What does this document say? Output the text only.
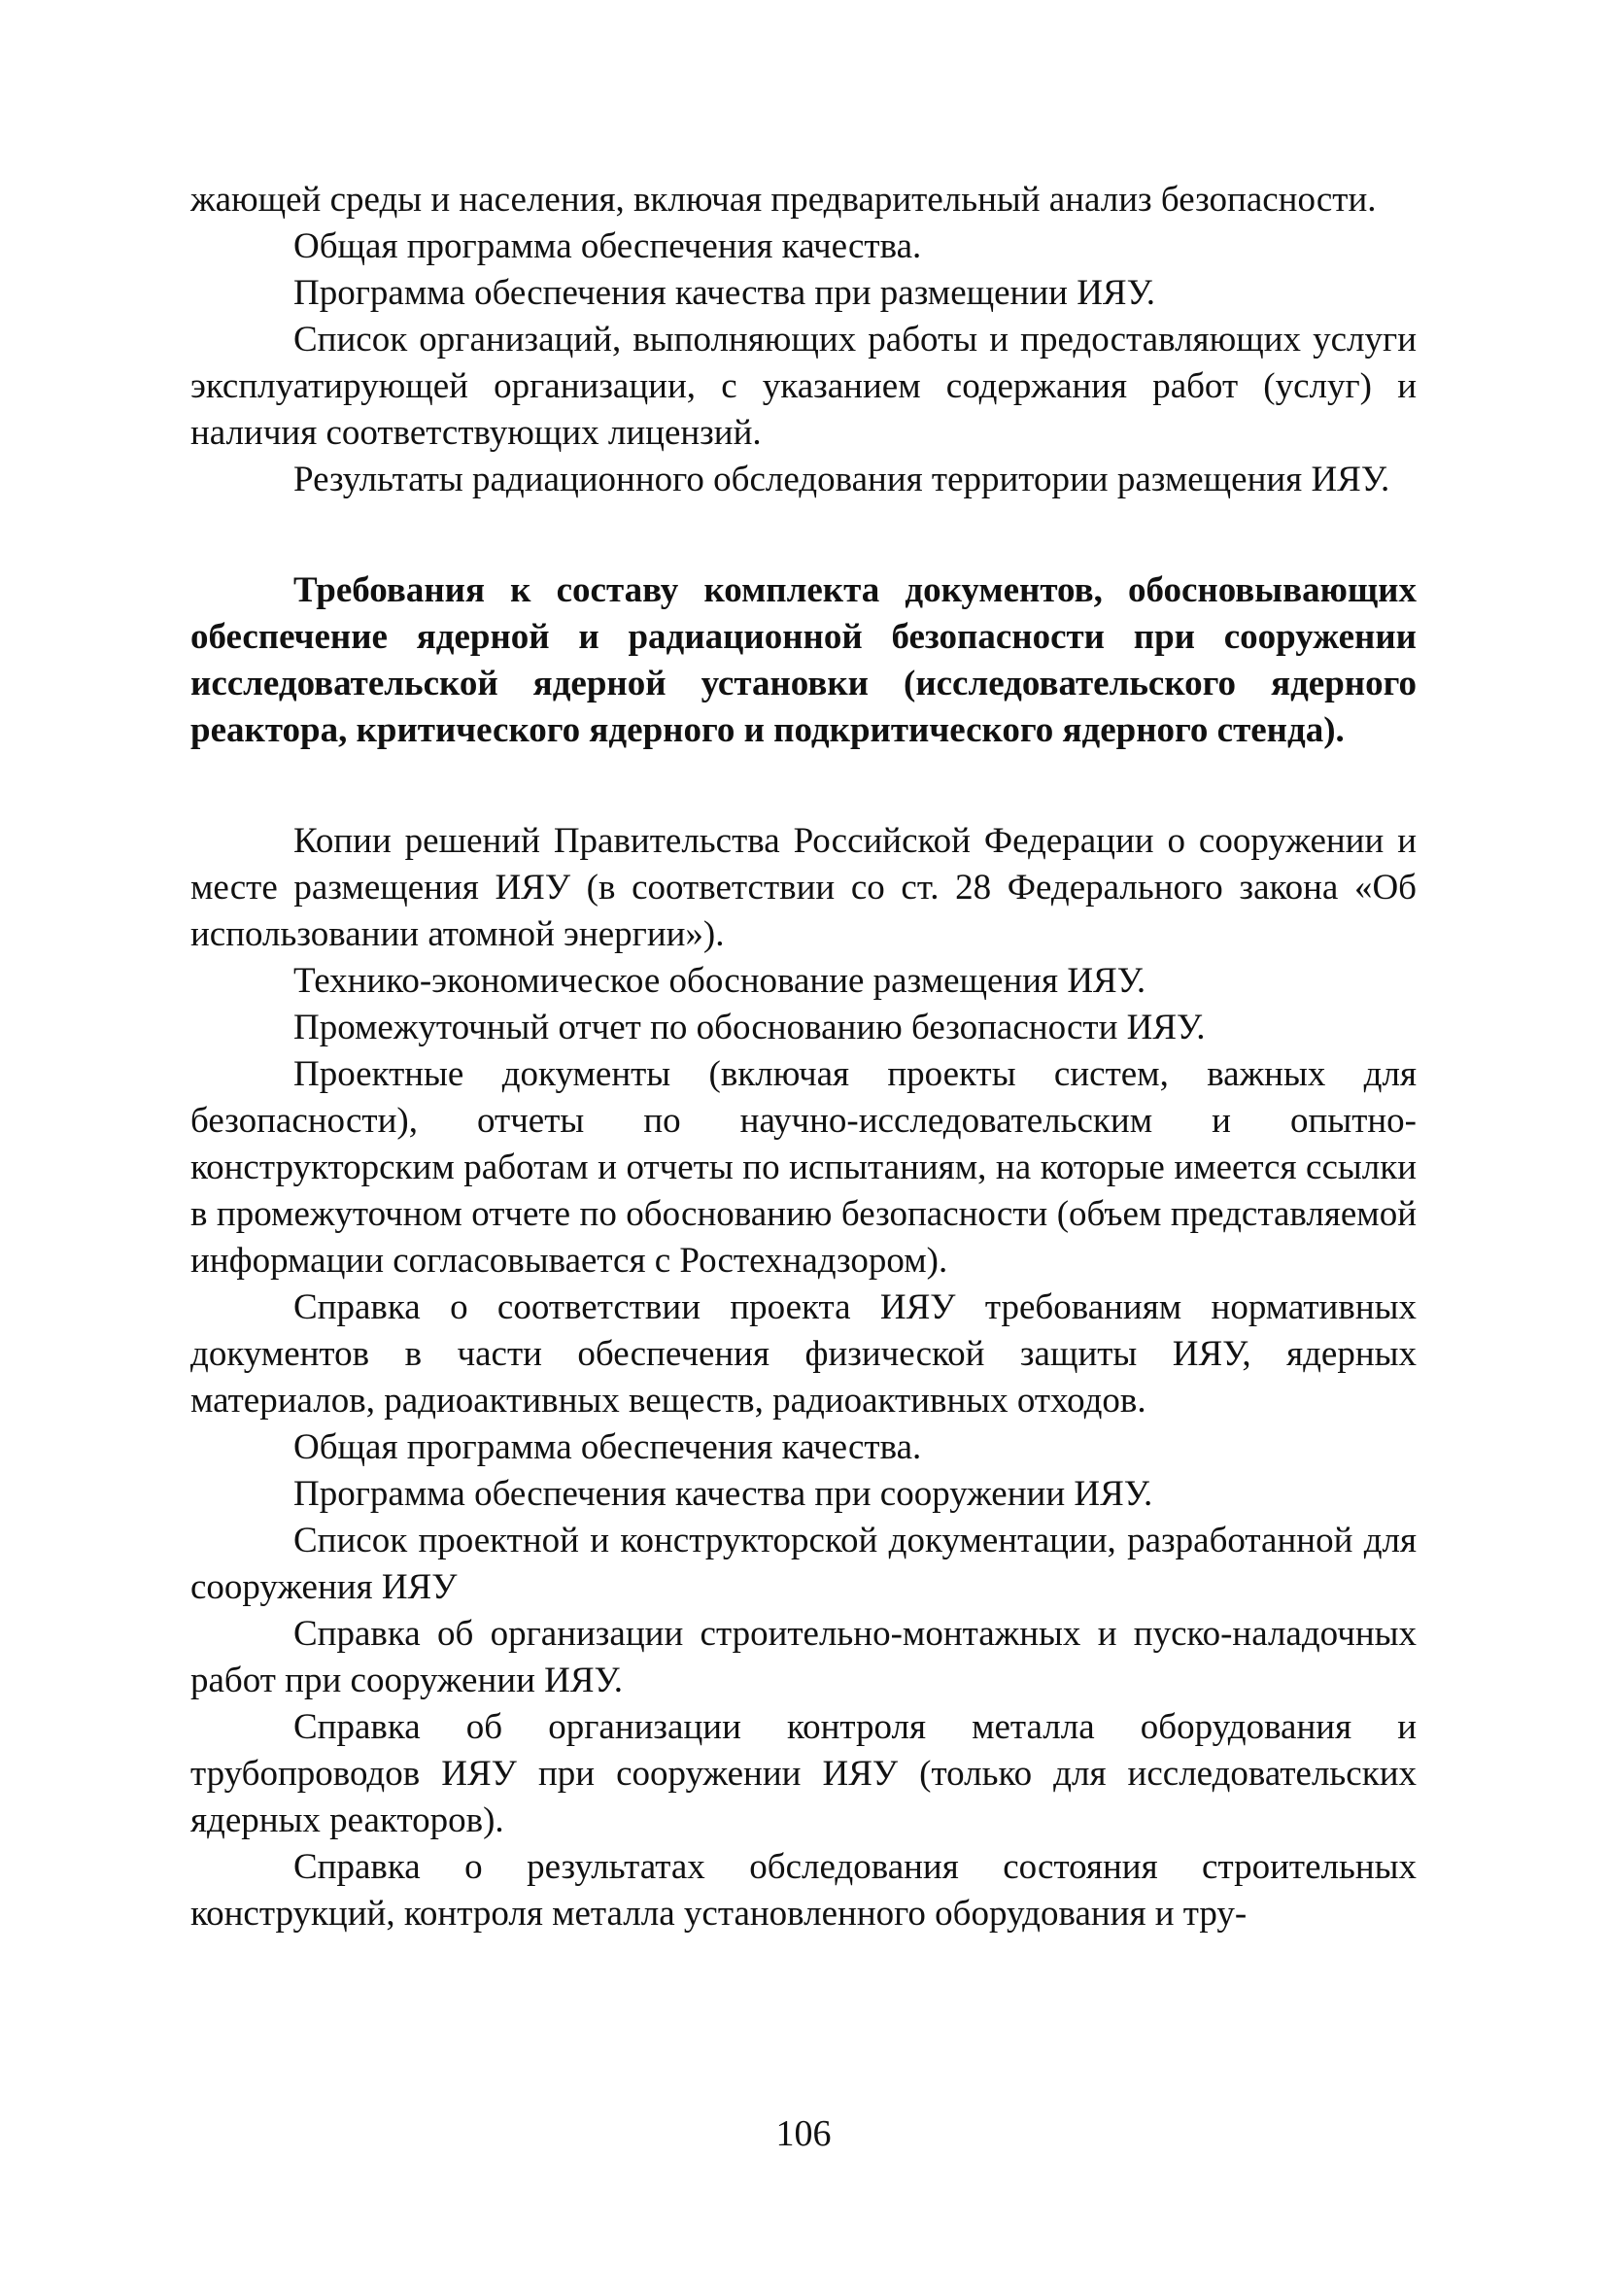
жающей среды и населения, включая предварительный анализ безопасности.

Общая программа обеспечения качества.

Программа обеспечения качества при размещении ИЯУ.

Список организаций, выполняющих работы и предоставляющих услуги эксплуатирующей организации, с указанием содержания работ (услуг) и наличия соответствующих лицензий.

Результаты радиационного обследования территории размещения ИЯУ.

Требования к составу комплекта документов, обосновывающих обеспечение ядерной и радиационной безопасности при сооружении исследовательской ядерной установки (исследовательского ядерного реактора, критического ядерного и подкритического ядерного стенда).

Копии решений Правительства Российской Федерации о сооружении и месте размещения ИЯУ (в соответствии со ст. 28 Федерального закона «Об использовании атомной энергии»).

Технико-экономическое обоснование размещения ИЯУ.

Промежуточный отчет по обоснованию безопасности ИЯУ.

Проектные документы (включая проекты систем, важных для безопасности), отчеты по научно-исследовательским и опытно-конструкторским работам и отчеты по испытаниям, на которые имеется ссылки в промежуточном отчете по обоснованию безопасности (объем представляемой информации согласовывается с Ростехнадзором).

Справка о соответствии проекта ИЯУ требованиям нормативных документов в части обеспечения физической защиты ИЯУ, ядерных материалов, радиоактивных веществ, радиоактивных отходов.

Общая программа обеспечения качества.

Программа обеспечения качества при сооружении ИЯУ.

Список проектной и конструкторской документации, разработанной для сооружения ИЯУ

Справка об организации строительно-монтажных и пуско-наладочных работ при сооружении ИЯУ.

Справка об организации контроля металла оборудования и трубопроводов ИЯУ при сооружении ИЯУ (только для исследовательских ядерных реакторов).

Справка о результатах обследования состояния строительных конструкций, контроля металла установленного оборудования и тру-

106
